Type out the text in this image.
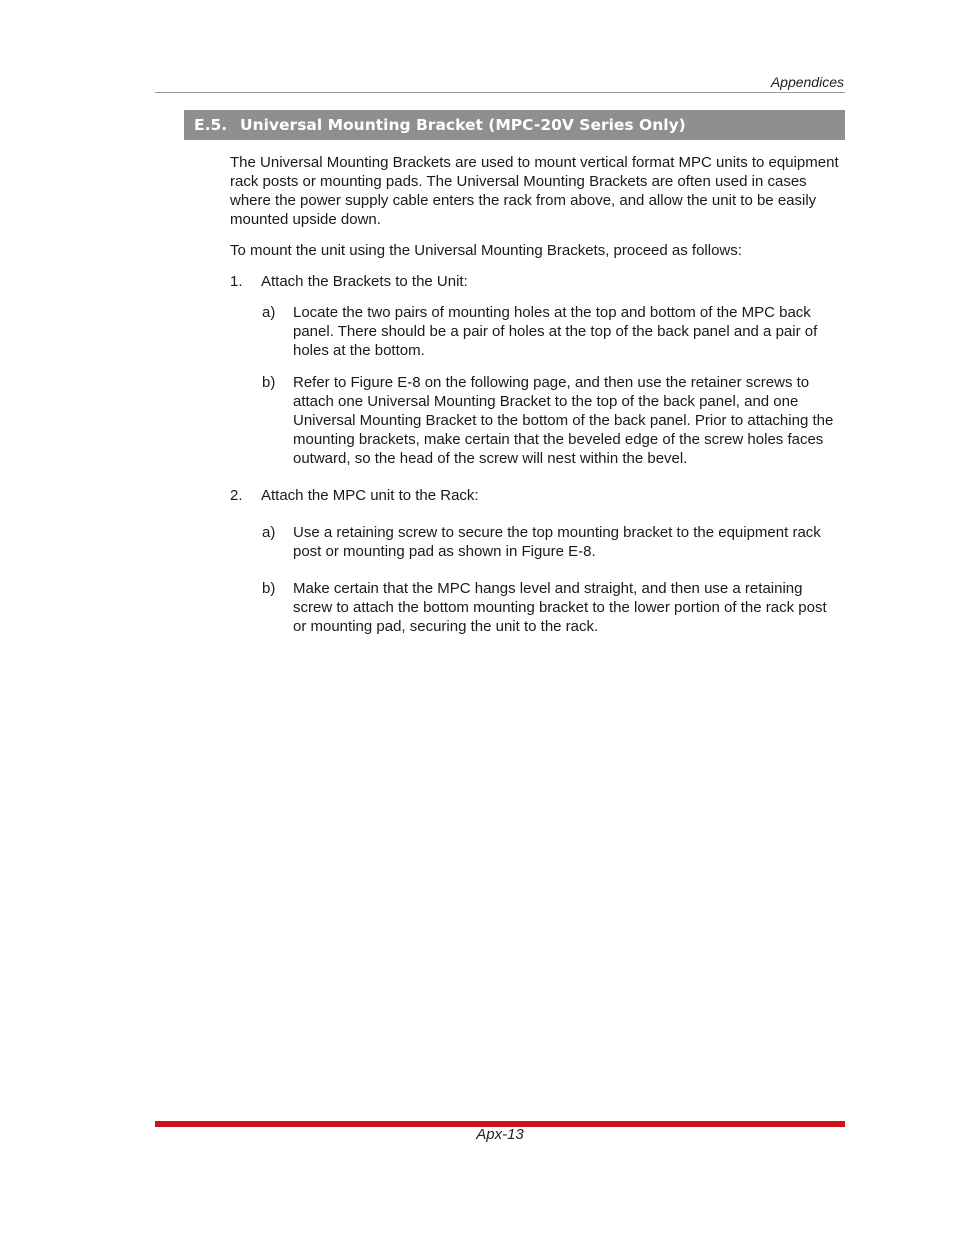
Appendices
E.5. Universal Mounting Bracket (MPC-20V Series Only)

The Universal Mounting Brackets are used to mount vertical format MPC units to equipment rack posts or mounting pads. The Universal Mounting Brackets are often used in cases where the power supply cable enters the rack from above, and allow the unit to be easily mounted upside down.

To mount the unit using the Universal Mounting Brackets, proceed as follows:

1.	Attach the Brackets to the Unit:
a)	Locate the two pairs of mounting holes at the top and bottom of the MPC back panel. There should be a pair of holes at the top of the back panel and a pair of holes at the bottom.
b)	Refer to Figure E-8 on the following page, and then use the retainer screws to attach one Universal Mounting Bracket to the top of the back panel, and one Universal Mounting Bracket to the bottom of the back panel. Prior to attaching the mounting brackets, make certain that the beveled edge of the screw holes faces outward, so the head of the screw will nest within the bevel.
2.	Attach the MPC unit to the Rack:
a)	Use a retaining screw to secure the top mounting bracket to the equipment rack post or mounting pad as shown in Figure E-8.
b)	Make certain that the MPC hangs level and straight, and then use a retaining screw to attach the bottom mounting bracket to the lower portion of the rack post or mounting pad, securing the unit to the rack.
Apx-13
